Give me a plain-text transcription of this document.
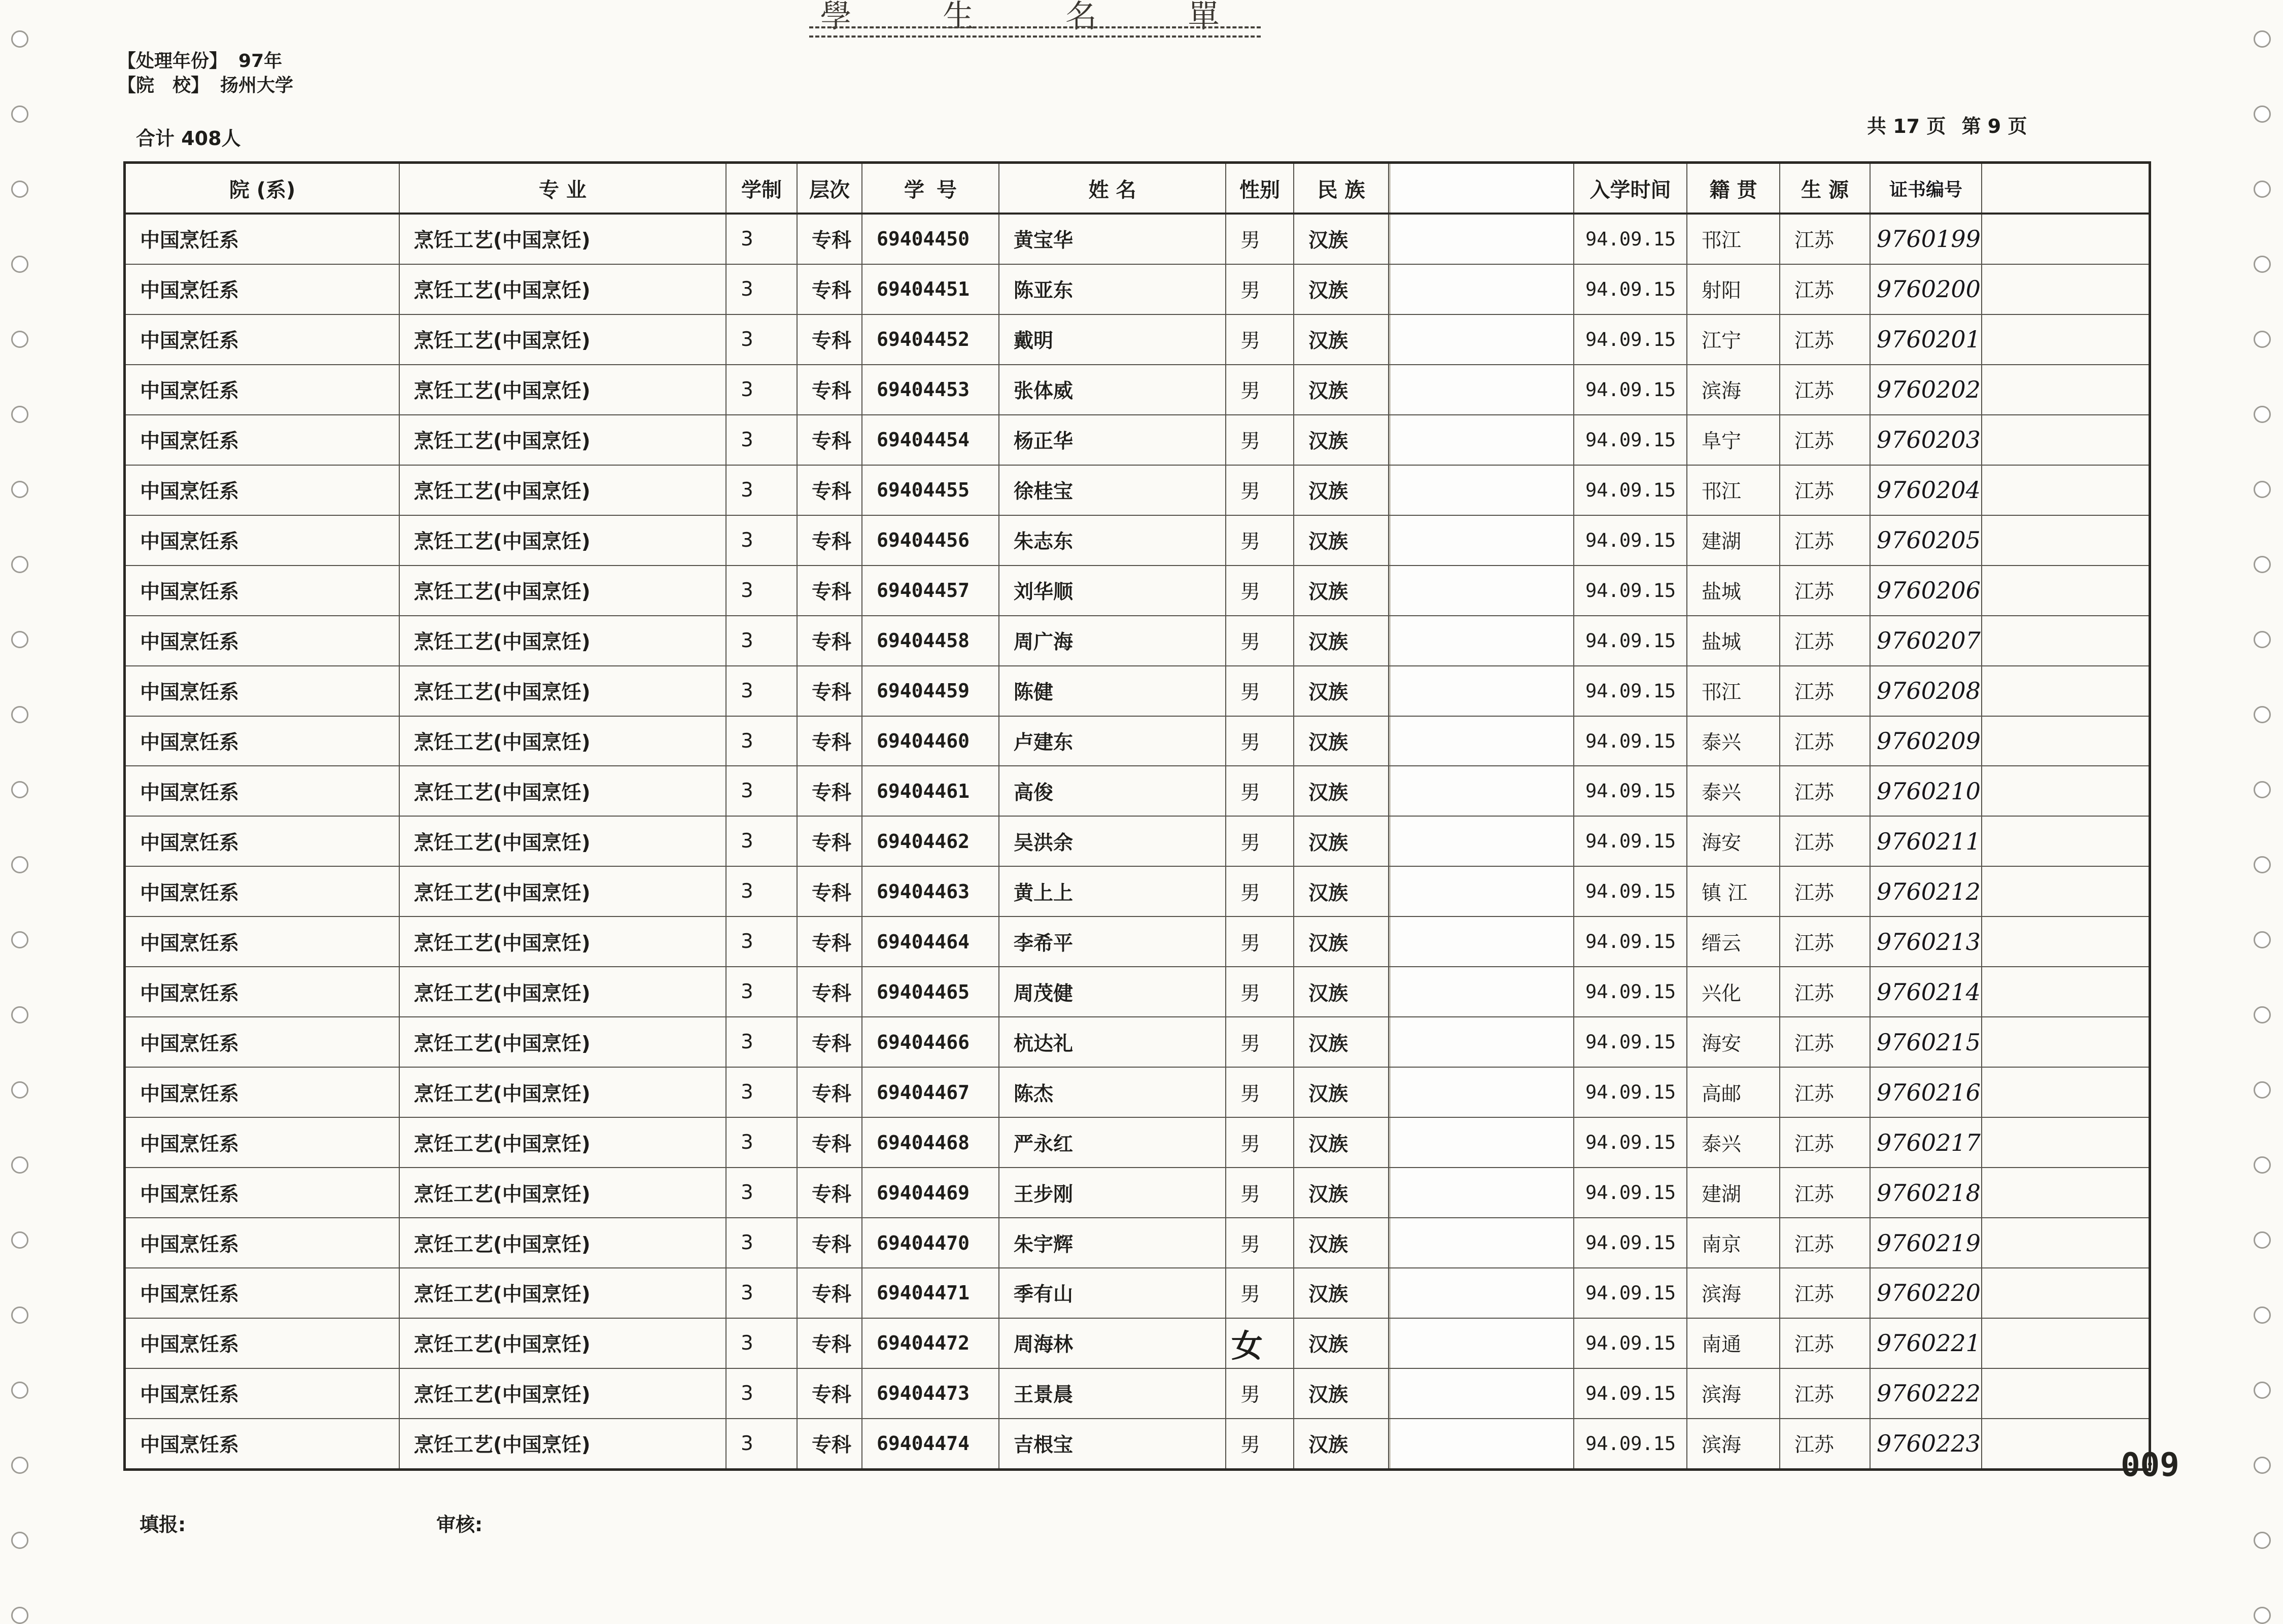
學 生 名 單
【处理年份】 97年
【院　校】 扬州大学
合计 408人
共 17 页 第 9 页
院 (系)	专 业	学制	层次	学 号	姓 名	性别	民 族	入学时间	籍 贯	生 源	证书编号
中国烹饪系	烹饪工艺(中国烹饪)	3	专科	69404450	黄宝华	男	汉族	94.09.15	邗江	江苏	9760199
中国烹饪系	烹饪工艺(中国烹饪)	3	专科	69404451	陈亚东	男	汉族	94.09.15	射阳	江苏	9760200
中国烹饪系	烹饪工艺(中国烹饪)	3	专科	69404452	戴明	男	汉族	94.09.15	江宁	江苏	9760201
中国烹饪系	烹饪工艺(中国烹饪)	3	专科	69404453	张体威	男	汉族	94.09.15	滨海	江苏	9760202
中国烹饪系	烹饪工艺(中国烹饪)	3	专科	69404454	杨正华	男	汉族	94.09.15	阜宁	江苏	9760203
中国烹饪系	烹饪工艺(中国烹饪)	3	专科	69404455	徐桂宝	男	汉族	94.09.15	邗江	江苏	9760204
中国烹饪系	烹饪工艺(中国烹饪)	3	专科	69404456	朱志东	男	汉族	94.09.15	建湖	江苏	9760205
中国烹饪系	烹饪工艺(中国烹饪)	3	专科	69404457	刘华顺	男	汉族	94.09.15	盐城	江苏	9760206
中国烹饪系	烹饪工艺(中国烹饪)	3	专科	69404458	周广海	男	汉族	94.09.15	盐城	江苏	9760207
中国烹饪系	烹饪工艺(中国烹饪)	3	专科	69404459	陈健	男	汉族	94.09.15	邗江	江苏	9760208
中国烹饪系	烹饪工艺(中国烹饪)	3	专科	69404460	卢建东	男	汉族	94.09.15	泰兴	江苏	9760209
中国烹饪系	烹饪工艺(中国烹饪)	3	专科	69404461	高俊	男	汉族	94.09.15	泰兴	江苏	9760210
中国烹饪系	烹饪工艺(中国烹饪)	3	专科	69404462	吴洪余	男	汉族	94.09.15	海安	江苏	9760211
中国烹饪系	烹饪工艺(中国烹饪)	3	专科	69404463	黄上上	男	汉族	94.09.15	镇 江	江苏	9760212
中国烹饪系	烹饪工艺(中国烹饪)	3	专科	69404464	李希平	男	汉族	94.09.15	缙云	江苏	9760213
中国烹饪系	烹饪工艺(中国烹饪)	3	专科	69404465	周茂健	男	汉族	94.09.15	兴化	江苏	9760214
中国烹饪系	烹饪工艺(中国烹饪)	3	专科	69404466	杭达礼	男	汉族	94.09.15	海安	江苏	9760215
中国烹饪系	烹饪工艺(中国烹饪)	3	专科	69404467	陈杰	男	汉族	94.09.15	高邮	江苏	9760216
中国烹饪系	烹饪工艺(中国烹饪)	3	专科	69404468	严永红	男	汉族	94.09.15	泰兴	江苏	9760217
中国烹饪系	烹饪工艺(中国烹饪)	3	专科	69404469	王步刚	男	汉族	94.09.15	建湖	江苏	9760218
中国烹饪系	烹饪工艺(中国烹饪)	3	专科	69404470	朱宇辉	男	汉族	94.09.15	南京	江苏	9760219
中国烹饪系	烹饪工艺(中国烹饪)	3	专科	69404471	季有山	男	汉族	94.09.15	滨海	江苏	9760220
中国烹饪系	烹饪工艺(中国烹饪)	3	专科	69404472	周海林	女	汉族	94.09.15	南通	江苏	9760221
中国烹饪系	烹饪工艺(中国烹饪)	3	专科	69404473	王景晨	男	汉族	94.09.15	滨海	江苏	9760222
中国烹饪系	烹饪工艺(中国烹饪)	3	专科	69404474	吉根宝	男	汉族	94.09.15	滨海	江苏	9760223
009
填报:	审核:
